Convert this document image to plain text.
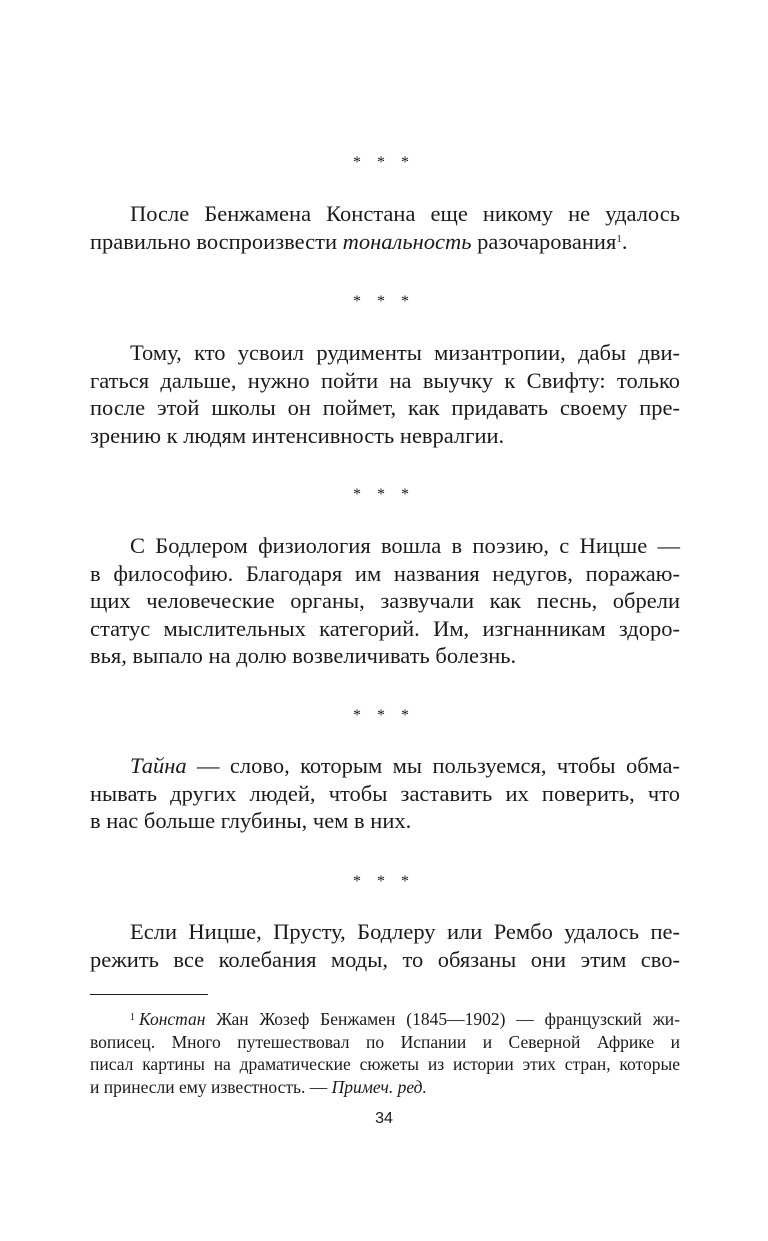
* * *
После Бенжамена Констана еще никому не удалось
правильно воспроизвести тональность разочарования$^1$.
* * *
Тому, кто усвоил рудименты мизантропии, дабы дви-
гаться дальше, нужно пойти на выучку к Свифту: только
после этой школы он поймет, как придавать своему пре-
зрению к людям интенсивность невралгии.
* * *
С Бодлером физиология вошла в поэзию, с Ницше —
в философию. Благодаря им названия недугов, поражаю-
щих человеческие органы, зазвучали как песнь, обрели
статус мыслительных категорий. Им, изгнанникам здоро-
вья, выпало на долю возвеличивать болезнь.
* * *
Тайна — слово, которым мы пользуемся, чтобы обма-
нывать других людей, чтобы заставить их поверить, что
в нас больше глубины, чем в них.
* * *
Если Ницше, Прусту, Бодлеру или Рембо удалось пе-
режить все колебания моды, то обязаны они этим сво-
$^1$ Констан Жан Жозеф Бенжамен (1845—1902) — французский жи-
вописец. Много путешествовал по Испании и Северной Африке и
писал картины на драматические сюжеты из истории этих стран, которые
и принесли ему известность. — Примеч. ред.
34
